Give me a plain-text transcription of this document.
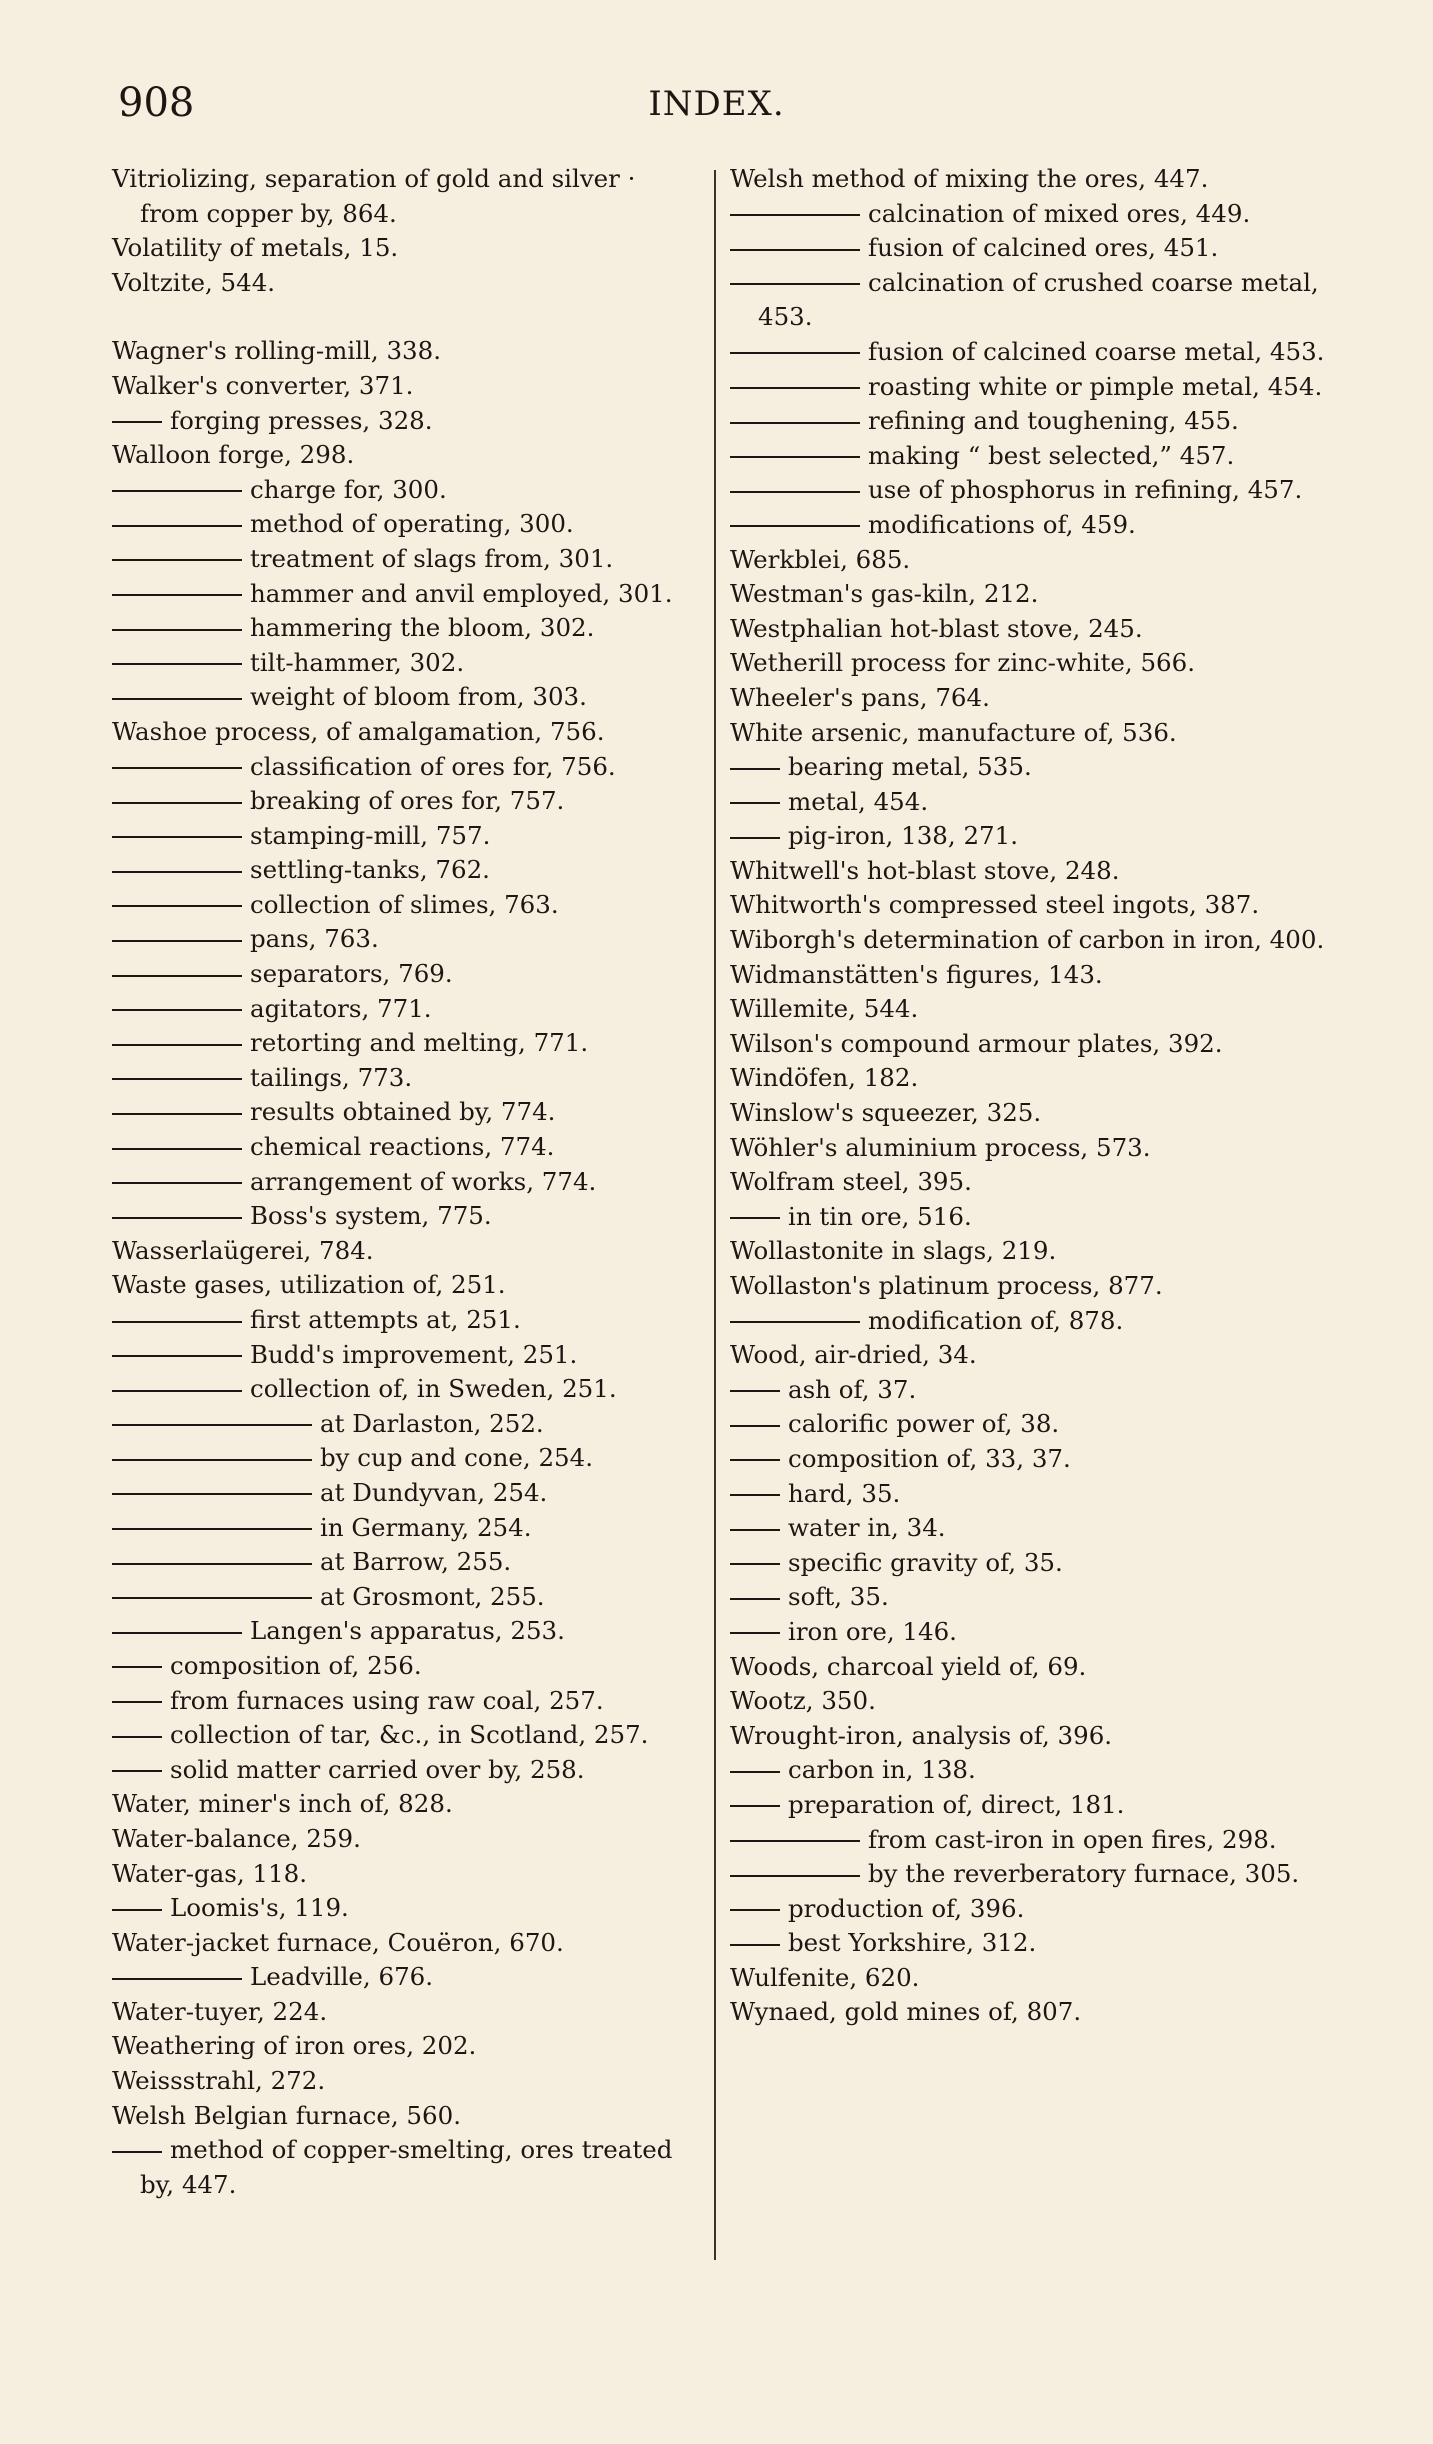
908	INDEX.
Vitriolizing, separation of gold and silver · from copper by, 864.
Volatility of metals, 15.
Voltzite, 544.
Wagner's rolling-mill, 338.
Walker's converter, 371.
forging presses, 328.
Walloon forge, 298.
charge for, 300.
method of operating, 300.
treatment of slags from, 301.
hammer and anvil employed, 301.
hammering the bloom, 302.
tilt-hammer, 302.
weight of bloom from, 303.
Washoe process, of amalgamation, 756.
classification of ores for, 756.
breaking of ores for, 757.
stamping-mill, 757.
settling-tanks, 762.
collection of slimes, 763.
pans, 763.
separators, 769.
agitators, 771.
retorting and melting, 771.
tailings, 773.
results obtained by, 774.
chemical reactions, 774.
arrangement of works, 774.
Boss's system, 775.
Wasserlaügerei, 784.
Waste gases, utilization of, 251.
first attempts at, 251.
Budd's improvement, 251.
collection of, in Sweden, 251.
at Darlaston, 252.
by cup and cone, 254.
at Dundyvan, 254.
in Germany, 254.
at Barrow, 255.
at Grosmont, 255.
Langen's apparatus, 253.
composition of, 256.
from furnaces using raw coal, 257.
collection of tar, &c., in Scotland, 257.
solid matter carried over by, 258.
Water, miner's inch of, 828.
Water-balance, 259.
Water-gas, 118.
Loomis's, 119.
Water-jacket furnace, Couëron, 670.
Leadville, 676.
Water-tuyer, 224.
Weathering of iron ores, 202.
Weissstrahl, 272.
Welsh Belgian furnace, 560.
method of copper-smelting, ores treated by, 447.
Welsh method of mixing the ores, 447.
calcination of mixed ores, 449.
fusion of calcined ores, 451.
calcination of crushed coarse metal, 453.
fusion of calcined coarse metal, 453.
roasting white or pimple metal, 454.
refining and toughening, 455.
making “ best selected,” 457.
use of phosphorus in refining, 457.
modifications of, 459.
Werkblei, 685.
Westman's gas-kiln, 212.
Westphalian hot-blast stove, 245.
Wetherill process for zinc-white, 566.
Wheeler's pans, 764.
White arsenic, manufacture of, 536.
bearing metal, 535.
metal, 454.
pig-iron, 138, 271.
Whitwell's hot-blast stove, 248.
Whitworth's compressed steel ingots, 387.
Wiborgh's determination of carbon in iron, 400.
Widmanstätten's figures, 143.
Willemite, 544.
Wilson's compound armour plates, 392.
Windöfen, 182.
Winslow's squeezer, 325.
Wöhler's aluminium process, 573.
Wolfram steel, 395.
in tin ore, 516.
Wollastonite in slags, 219.
Wollaston's platinum process, 877.
modification of, 878.
Wood, air-dried, 34.
ash of, 37.
calorific power of, 38.
composition of, 33, 37.
hard, 35.
water in, 34.
specific gravity of, 35.
soft, 35.
iron ore, 146.
Woods, charcoal yield of, 69.
Wootz, 350.
Wrought-iron, analysis of, 396.
carbon in, 138.
preparation of, direct, 181.
from cast-iron in open fires, 298.
by the reverberatory furnace, 305.
production of, 396.
best Yorkshire, 312.
Wulfenite, 620.
Wynaed, gold mines of, 807.
